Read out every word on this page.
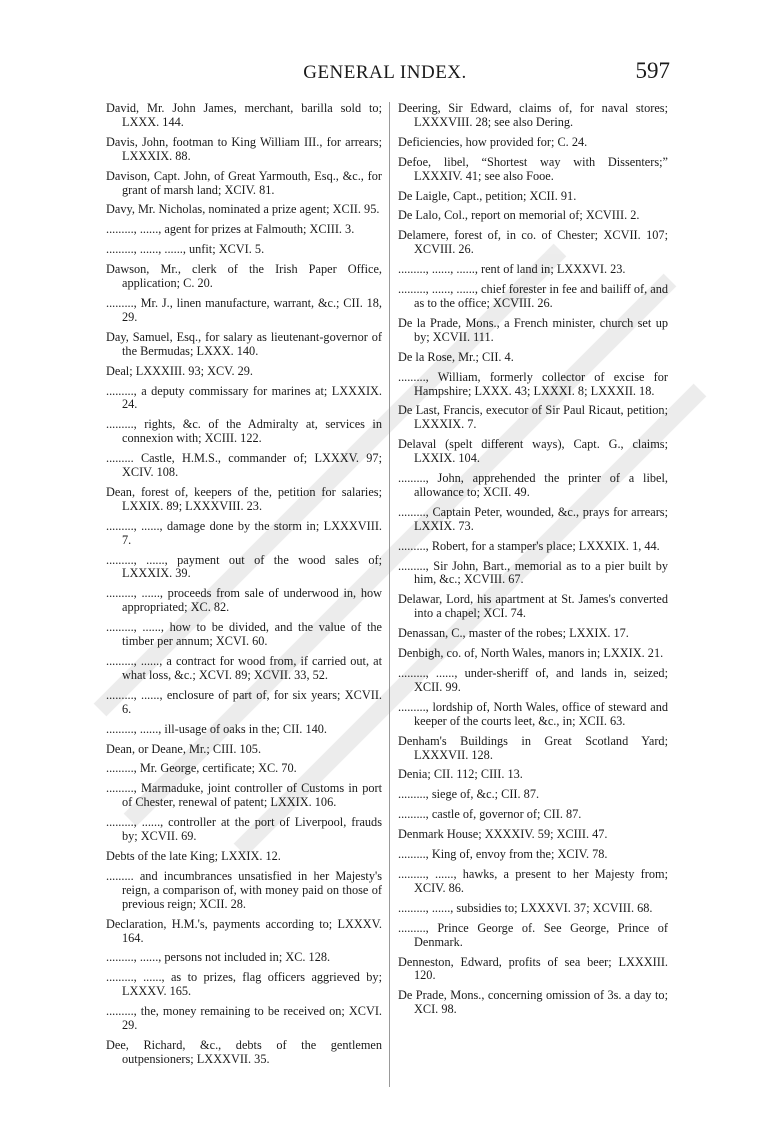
GENERAL INDEX.	597

David, Mr. John James, merchant, barilla sold to; LXXX. 144.

Davis, John, footman to King William III., for arrears; LXXXIX. 88.

Davison, Capt. John, of Great Yarmouth, Esq., &c., for grant of marsh land; XCIV. 81.

Davy, Mr. Nicholas, nominated a prize agent; XCII. 95.

........., ......, agent for prizes at Falmouth; XCIII. 3.

........., ......, ......, unfit; XCVI. 5.

Dawson, Mr., clerk of the Irish Paper Office, application; C. 20.

........., Mr. J., linen manufacture, warrant, &c.; CII. 18, 29.

Day, Samuel, Esq., for salary as lieutenant-governor of the Bermudas; LXXX. 140.

Deal; LXXXIII. 93; XCV. 29.

........., a deputy commissary for marines at; LXXXIX. 24.

........., rights, &c. of the Admiralty at, services in connexion with; XCIII. 122.

......... Castle, H.M.S., commander of; LXXXV. 97; XCIV. 108.

Dean, forest of, keepers of the, petition for salaries; LXXIX. 89; LXXXVIII. 23.

........., ......, damage done by the storm in; LXXXVIII. 7.

........., ......, payment out of the wood sales of; LXXXIX. 39.

........., ......, proceeds from sale of underwood in, how appropriated; XC. 82.

........., ......, how to be divided, and the value of the timber per annum; XCVI. 60.

........., ......, a contract for wood from, if carried out, at what loss, &c.; XCVI. 89; XCVII. 33, 52.

........., ......, enclosure of part of, for six years; XCVII. 6.

........., ......, ill-usage of oaks in the; CII. 140.

Dean, or Deane, Mr.; CIII. 105.

........., Mr. George, certificate; XC. 70.

........., Marmaduke, joint controller of Customs in port of Chester, renewal of patent; LXXIX. 106.

........., ......, controller at the port of Liverpool, frauds by; XCVII. 69.

Debts of the late King; LXXIX. 12.

......... and incumbrances unsatisfied in her Majesty's reign, a comparison of, with money paid on those of previous reign; XCII. 28.

Declaration, H.M.'s, payments according to; LXXXV. 164.

........., ......, persons not included in; XC. 128.

........., ......, as to prizes, flag officers aggrieved by; LXXXV. 165.

........., the, money remaining to be received on; XCVI. 29.

Dee, Richard, &c., debts of the gentlemen outpensioners; LXXXVII. 35.

Deering, Sir Edward, claims of, for naval stores; LXXXVIII. 28; see also Dering.

Deficiencies, how provided for; C. 24.

Defoe, libel, “Shortest way with Dissenters;” LXXXIV. 41; see also Fooe.

De Laigle, Capt., petition; XCII. 91.

De Lalo, Col., report on memorial of; XCVIII. 2.

Delamere, forest of, in co. of Chester; XCVII. 107; XCVIII. 26.

........., ......, ......, rent of land in; LXXXVI. 23.

........., ......, ......, chief forester in fee and bailiff of, and as to the office; XCVIII. 26.

De la Prade, Mons., a French minister, church set up by; XCVII. 111.

De la Rose, Mr.; CII. 4.

........., William, formerly collector of excise for Hampshire; LXXX. 43; LXXXI. 8; LXXXII. 18.

De Last, Francis, executor of Sir Paul Ricaut, petition; LXXXIX. 7.

Delaval (spelt different ways), Capt. G., claims; LXXIX. 104.

........., John, apprehended the printer of a libel, allowance to; XCII. 49.

........., Captain Peter, wounded, &c., prays for arrears; LXXIX. 73.

........., Robert, for a stamper's place; LXXXIX. 1, 44.

........., Sir John, Bart., memorial as to a pier built by him, &c.; XCVIII. 67.

Delawar, Lord, his apartment at St. James's converted into a chapel; XCI. 74.

Denassan, C., master of the robes; LXXIX. 17.

Denbigh, co. of, North Wales, manors in; LXXIX. 21.

........., ......, under-sheriff of, and lands in, seized; XCII. 99.

........., lordship of, North Wales, office of steward and keeper of the courts leet, &c., in; XCII. 63.

Denham's Buildings in Great Scotland Yard; LXXXVII. 128.

Denia; CII. 112; CIII. 13.

........., siege of, &c.; CII. 87.

........., castle of, governor of; CII. 87.

Denmark House; XXXXIV. 59; XCIII. 47.

........., King of, envoy from the; XCIV. 78.

........., ......, hawks, a present to her Majesty from; XCIV. 86.

........., ......, subsidies to; LXXXVI. 37; XCVIII. 68.

........., Prince George of. See George, Prince of Denmark.

Denneston, Edward, profits of sea beer; LXXXIII. 120.

De Prade, Mons., concerning omission of 3s. a day to; XCI. 98.
